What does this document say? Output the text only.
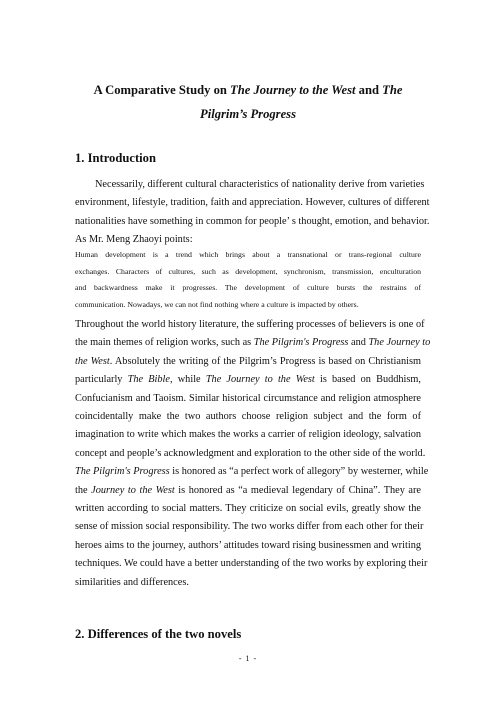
A Comparative Study on The Journey to the West and The
Pilgrim’s Progress
1. Introduction
Necessarily, different cultural characteristics of nationality derive from varieties
environment, lifestyle, tradition, faith and appreciation. However, cultures of different
nationalities have something in common for people’ s thought, emotion, and behavior.
As Mr. Meng Zhaoyi points:
Human development is a trend which brings about a transnational or trans-regional culture
exchanges. Characters of cultures, such as development, synchronism, transmission, enculturation
and backwardness make it progresses. The development of culture bursts the restrains of
communication. Nowadays, we can not find nothing where a culture is impacted by others.
Throughout the world history literature, the suffering processes of believers is one of
the main themes of religion works, such as The Pilgrim's Progress and The Journey to
the West. Absolutely the writing of the Pilgrim’s Progress is based on Christianism
particularly The Bible, while The Journey to the West is based on Buddhism,
Confucianism and Taoism. Similar historical circumstance and religion atmosphere
coincidentally make the two authors choose religion subject and the form of
imagination to write which makes the works a carrier of religion ideology, salvation
concept and people’s acknowledgment and exploration to the other side of the world.
The Pilgrim's Progress is honored as “a perfect work of allegory” by westerner, while
the Journey to the West is honored as “a medieval legendary of China”. They are
written according to social matters. They criticize on social evils, greatly show the
sense of mission social responsibility. The two works differ from each other for their
heroes aims to the journey, authors’ attitudes toward rising businessmen and writing
techniques. We could have a better understanding of the two works by exploring their
similarities and differences.
2. Differences of the two novels
- 1 -
